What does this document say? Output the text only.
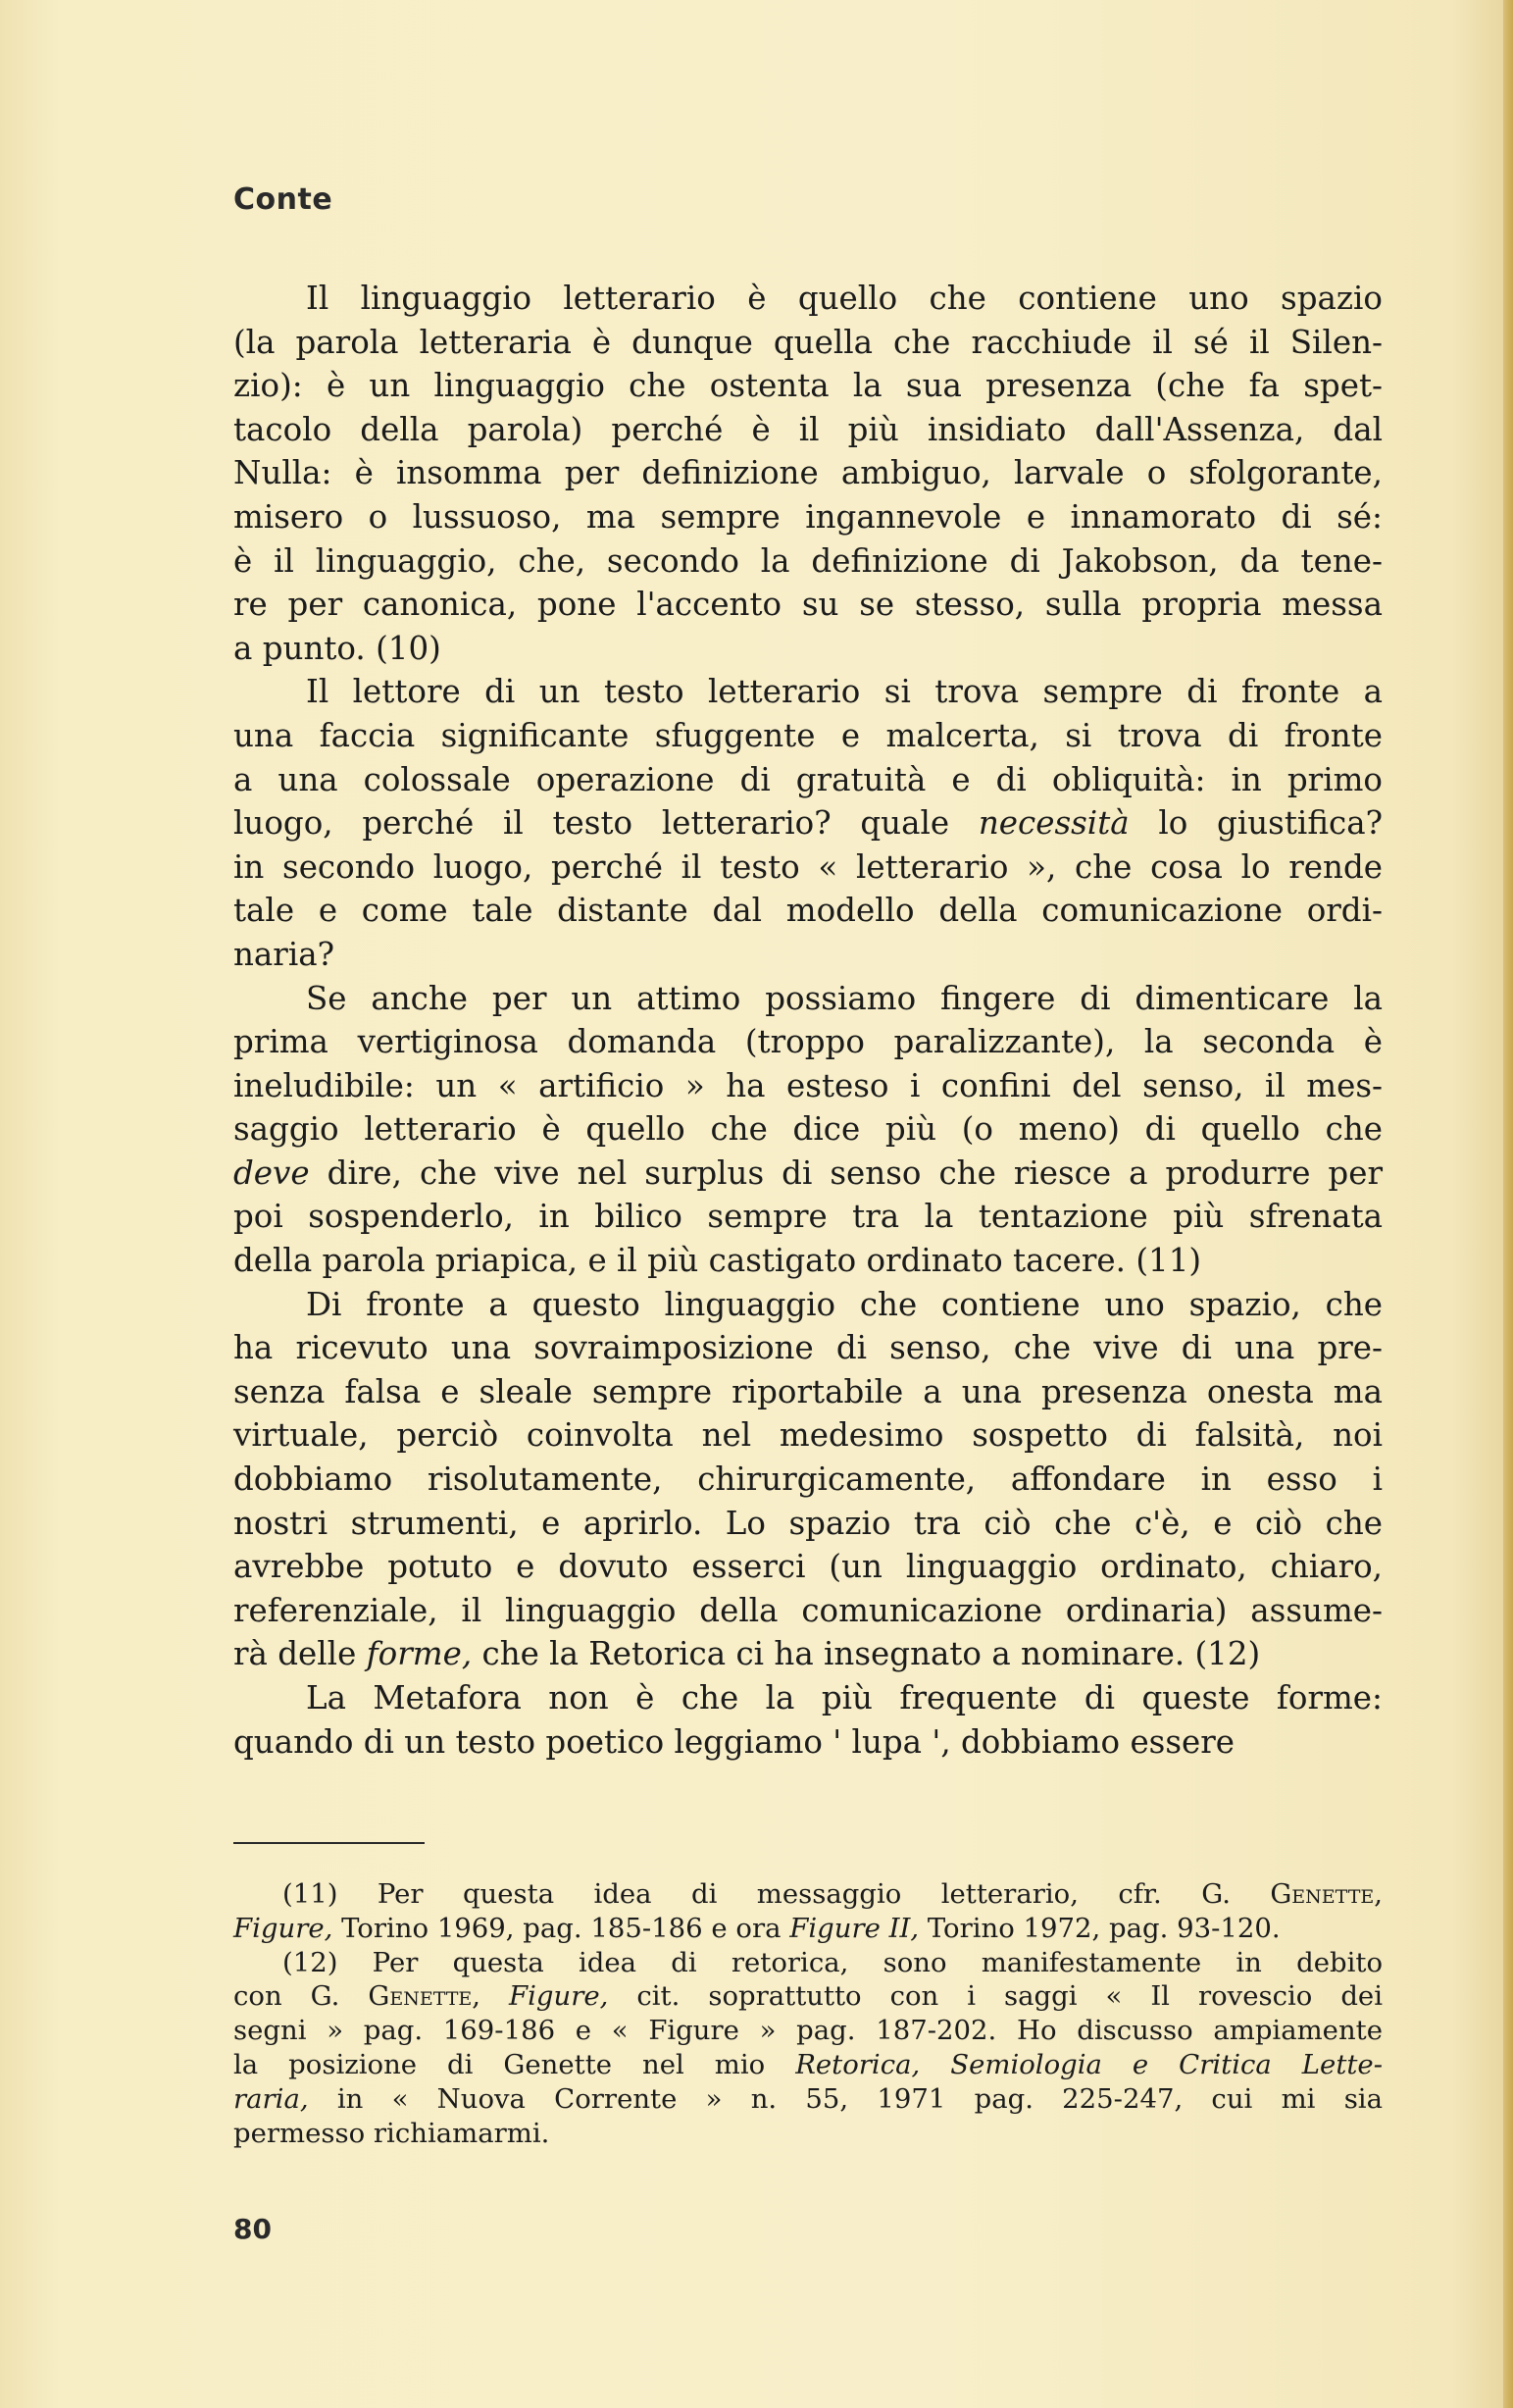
Conte

Il linguaggio letterario è quello che contiene uno spazio
(la parola letteraria è dunque quella che racchiude il sé il Silen-
zio): è un linguaggio che ostenta la sua presenza (che fa spet-
tacolo della parola) perché è il più insidiato dall'Assenza, dal
Nulla: è insomma per definizione ambiguo, larvale o sfolgorante,
misero o lussuoso, ma sempre ingannevole e innamorato di sé:
è il linguaggio, che, secondo la definizione di Jakobson, da tene-
re per canonica, pone l'accento su se stesso, sulla propria messa
a punto. (10)

Il lettore di un testo letterario si trova sempre di fronte a
una faccia significante sfuggente e malcerta, si trova di fronte
a una colossale operazione di gratuità e di obliquità: in primo
luogo, perché il testo letterario? quale necessità lo giustifica?
in secondo luogo, perché il testo « letterario », che cosa lo rende
tale e come tale distante dal modello della comunicazione ordi-
naria?

Se anche per un attimo possiamo fingere di dimenticare la
prima vertiginosa domanda (troppo paralizzante), la seconda è
ineludibile: un « artificio » ha esteso i confini del senso, il mes-
saggio letterario è quello che dice più (o meno) di quello che
deve dire, che vive nel surplus di senso che riesce a produrre per
poi sospenderlo, in bilico sempre tra la tentazione più sfrenata
della parola priapica, e il più castigato ordinato tacere. (11)

Di fronte a questo linguaggio che contiene uno spazio, che
ha ricevuto una sovraimposizione di senso, che vive di una pre-
senza falsa e sleale sempre riportabile a una presenza onesta ma
virtuale, perciò coinvolta nel medesimo sospetto di falsità, noi
dobbiamo risolutamente, chirurgicamente, affondare in esso i
nostri strumenti, e aprirlo. Lo spazio tra ciò che c'è, e ciò che
avrebbe potuto e dovuto esserci (un linguaggio ordinato, chiaro,
referenziale, il linguaggio della comunicazione ordinaria) assume-
rà delle forme, che la Retorica ci ha insegnato a nominare. (12)

La Metafora non è che la più frequente di queste forme:
quando di un testo poetico leggiamo ' lupa ', dobbiamo essere

(11) Per questa idea di messaggio letterario, cfr. G. Genette,
Figure, Torino 1969, pag. 185-186 e ora Figure II, Torino 1972, pag. 93-120.

(12) Per questa idea di retorica, sono manifestamente in debito
con G. Genette, Figure, cit. soprattutto con i saggi « Il rovescio dei
segni » pag. 169-186 e « Figure » pag. 187-202. Ho discusso ampiamente
la posizione di Genette nel mio Retorica, Semiologia e Critica Lette-
raria, in « Nuova Corrente » n. 55, 1971 pag. 225-247, cui mi sia
permesso richiamarmi.

80
